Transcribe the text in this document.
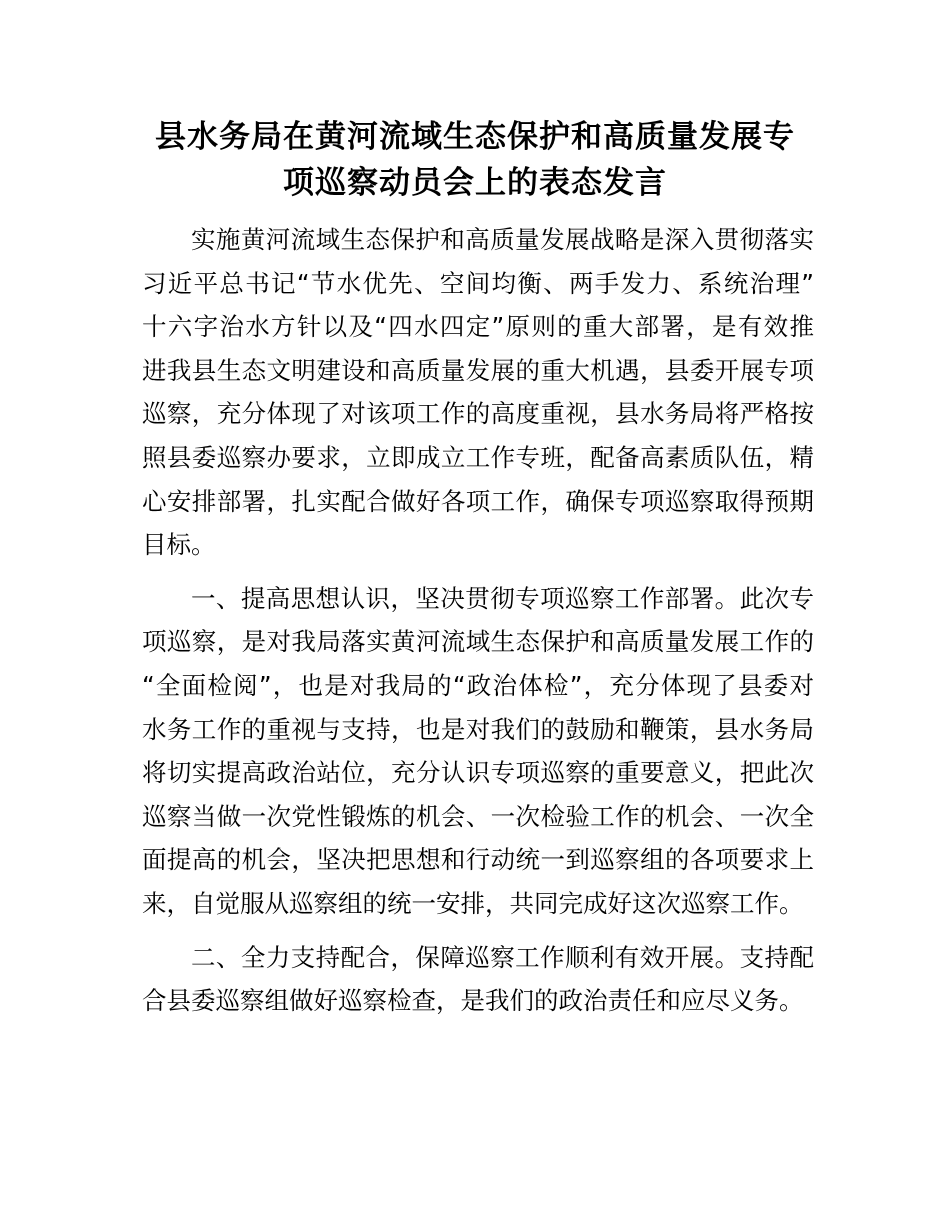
县水务局在黄河流域生态保护和高质量发展专
项巡察动员会上的表态发言

实施黄河流域生态保护和高质量发展战略是深入贯彻落实
习近平总书记“节水优先、空间均衡、两手发力、系统治理”
十六字治水方针以及“四水四定”原则的重大部署，是有效推
进我县生态文明建设和高质量发展的重大机遇，县委开展专项
巡察，充分体现了对该项工作的高度重视，县水务局将严格按
照县委巡察办要求，立即成立工作专班，配备高素质队伍，精
心安排部署，扎实配合做好各项工作，确保专项巡察取得预期
目标。

一、提高思想认识，坚决贯彻专项巡察工作部署。此次专
项巡察，是对我局落实黄河流域生态保护和高质量发展工作的
“全面检阅”，也是对我局的“政治体检”，充分体现了县委对
水务工作的重视与支持，也是对我们的鼓励和鞭策，县水务局
将切实提高政治站位，充分认识专项巡察的重要意义，把此次
巡察当做一次党性锻炼的机会、一次检验工作的机会、一次全
面提高的机会，坚决把思想和行动统一到巡察组的各项要求上
来，自觉服从巡察组的统一安排，共同完成好这次巡察工作。

二、全力支持配合，保障巡察工作顺利有效开展。支持配
合县委巡察组做好巡察检查，是我们的政治责任和应尽义务。
